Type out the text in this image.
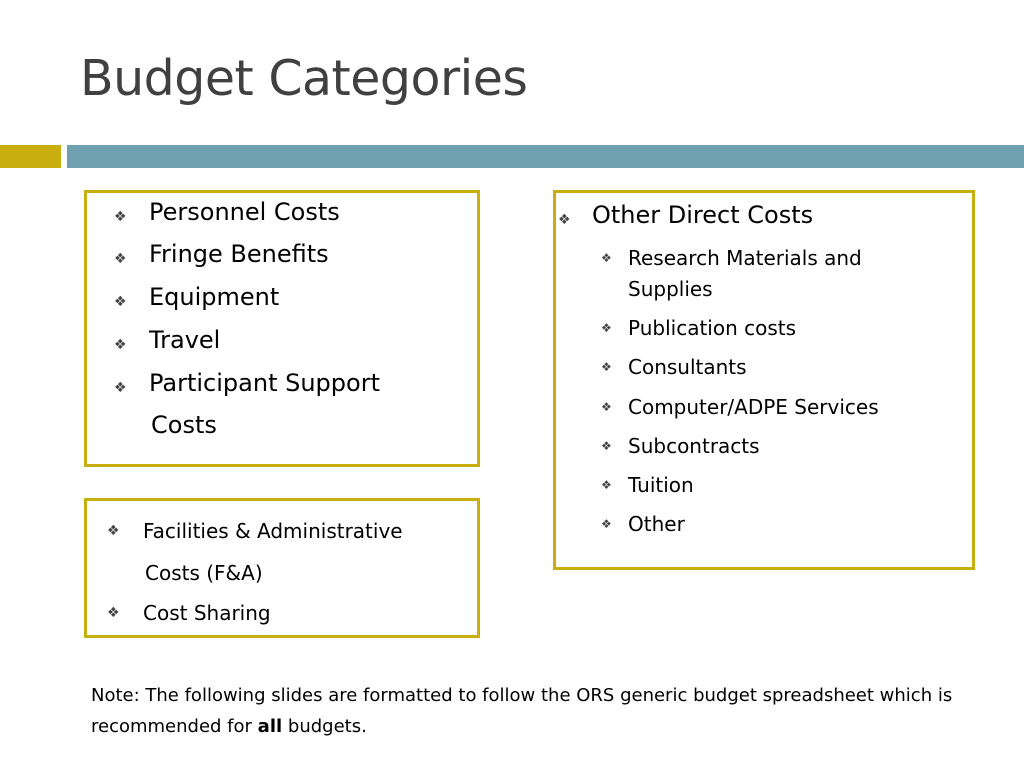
Budget Categories
❖ Personnel Costs
❖ Fringe Benefits
❖ Equipment
❖ Travel
❖ Participant Support
Costs
❖ Facilities & Administrative
Costs (F&A)
❖ Cost Sharing
❖ Other Direct Costs
❖ Research Materials and
Supplies
❖ Publication costs
❖ Consultants
❖ Computer/ADPE Services
❖ Subcontracts
❖ Tuition
❖ Other
Note: The following slides are formatted to follow the ORS generic budget spreadsheet which is recommended for all budgets.
